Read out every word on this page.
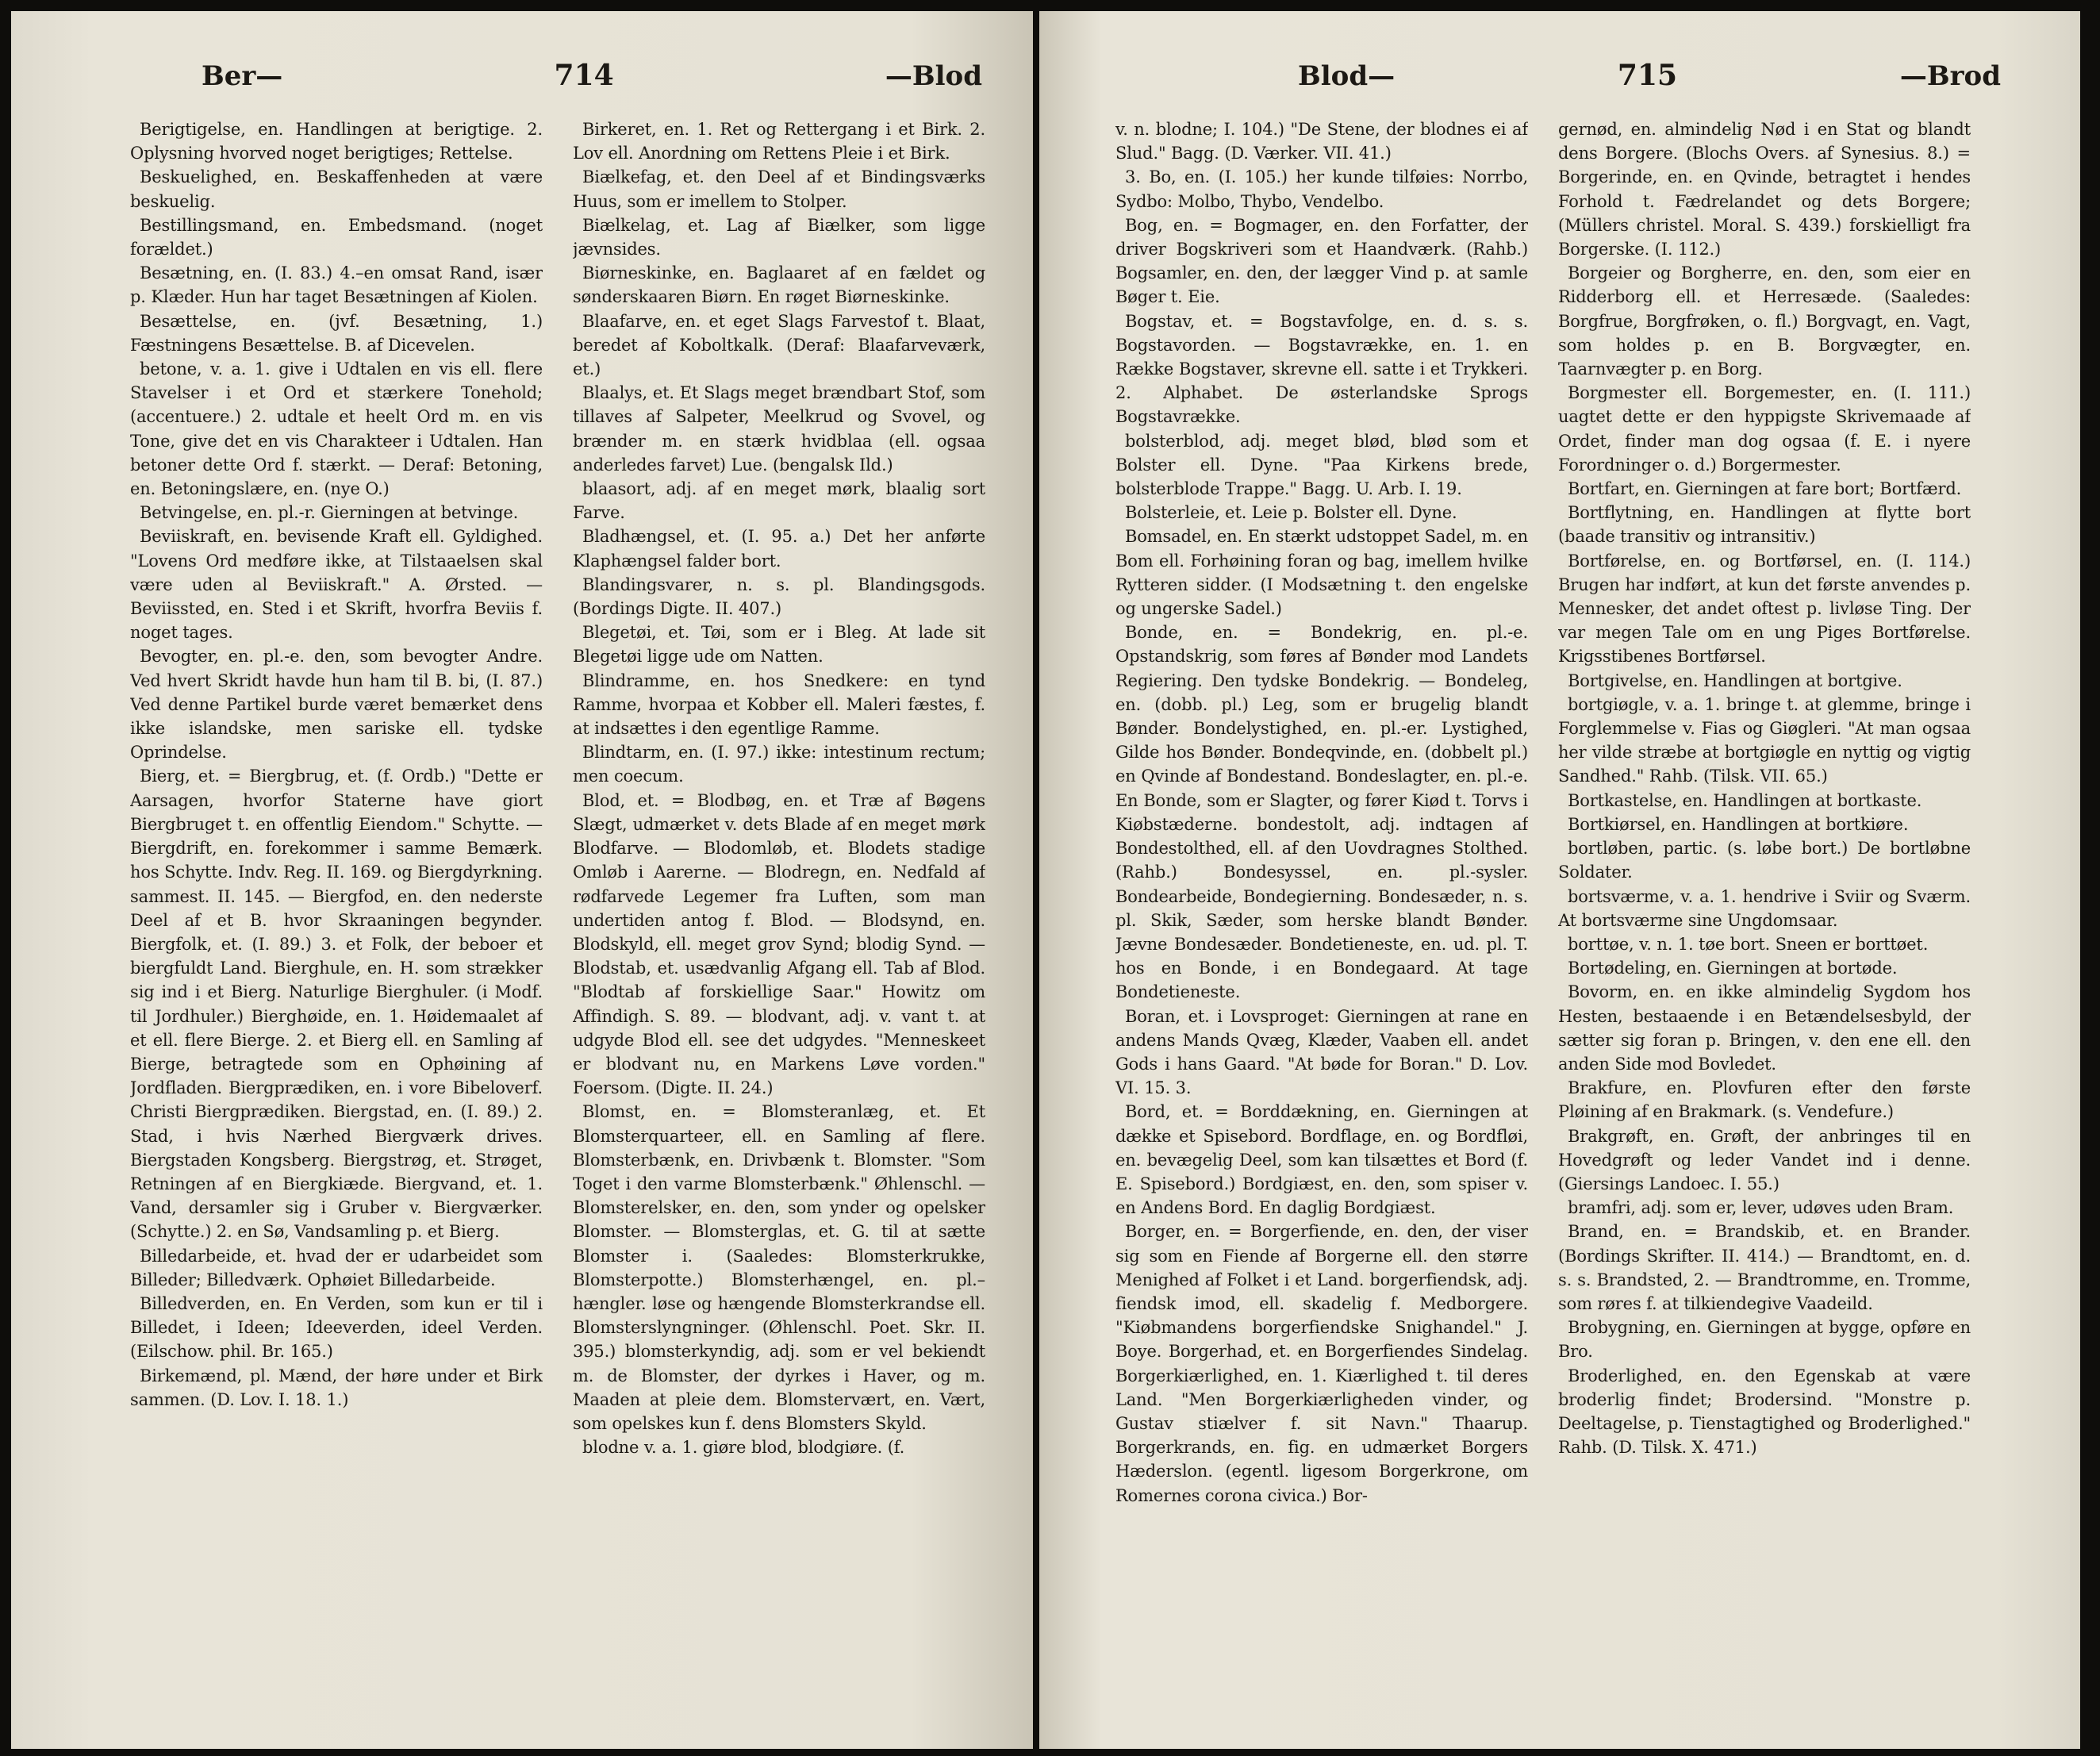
Ber—	714	—Blod

Berigtigelse, en. Handlingen at berigtige. 2. Oplysning hvorved noget berigtiges; Rettelse.

Beskuelighed, en. Beskaffenheden at være beskuelig.

Bestillingsmand, en. Embedsmand. (noget forældet.)

Besætning, en. (I. 83.) 4.–en omsat Rand, især p. Klæder. Hun har taget Besætningen af Kiolen.

Besættelse, en. (jvf. Besætning, 1.) Fæstningens Besættelse. B. af Dicevelen.

betone, v. a. 1. give i Udtalen en vis ell. flere Stavelser i et Ord et stærkere Tonehold; (accentuere.) 2. udtale et heelt Ord m. en vis Tone, give det en vis Charakteer i Udtalen. Han betoner dette Ord f. stærkt. — Deraf: Betoning, en. Betoningslære, en. (nye O.)

Betvingelse, en. pl.-r. Gierningen at betvinge.

Beviiskraft, en. bevisende Kraft ell. Gyldighed. "Lovens Ord medføre ikke, at Tilstaaelsen skal være uden al Beviiskraft." A. Ørsted. — Beviissted, en. Sted i et Skrift, hvorfra Beviis f. noget tages.

Bevogter, en. pl.-e. den, som bevogter Andre. Ved hvert Skridt havde hun ham til B. bi, (I. 87.) Ved denne Partikel burde været bemærket dens ikke islandske, men sariske ell. tydske Oprindelse.

Bierg, et. = Biergbrug, et. (f. Ordb.) "Dette er Aarsagen, hvorfor Staterne have giort Biergbruget t. en offentlig Eiendom." Schytte. — Biergdrift, en. forekommer i samme Bemærk. hos Schytte. Indv. Reg. II. 169. og Biergdyrkning. sammest. II. 145. — Biergfod, en. den nederste Deel af et B. hvor Skraaningen begynder. Biergfolk, et. (I. 89.) 3. et Folk, der beboer et biergfuldt Land. Bierghule, en. H. som strækker sig ind i et Bierg. Naturlige Bierghuler. (i Modf. til Jordhuler.) Bierghøide, en. 1. Høidemaalet af et ell. flere Bierge. 2. et Bierg ell. en Samling af Bierge, betragtede som en Ophøining af Jordfladen. Biergprædiken, en. i vore Bibeloverf. Christi Biergprædiken. Biergstad, en. (I. 89.) 2. Stad, i hvis Nærhed Biergværk drives. Biergstaden Kongsberg. Biergstrøg, et. Strøget, Retningen af en Biergkiæde. Biergvand, et. 1. Vand, dersamler sig i Gruber v. Biergværker. (Schytte.) 2. en Sø, Vandsamling p. et Bierg.

Billedarbeide, et. hvad der er udarbeidet som Billeder; Billedværk. Ophøiet Billedarbeide.

Billedverden, en. En Verden, som kun er til i Billedet, i Ideen; Ideeverden, ideel Verden. (Eilschow. phil. Br. 165.)

Birkemænd, pl. Mænd, der høre under et Birk sammen. (D. Lov. I. 18. 1.)

Birkeret, en. 1. Ret og Rettergang i et Birk. 2. Lov ell. Anordning om Rettens Pleie i et Birk.

Biælkefag, et. den Deel af et Bindingsværks Huus, som er imellem to Stolper.

Biælkelag, et. Lag af Biælker, som ligge jævnsides.

Biørneskinke, en. Baglaaret af en fældet og sønderskaaren Biørn. En røget Biørneskinke.

Blaafarve, en. et eget Slags Farvestof t. Blaat, beredet af Koboltkalk. (Deraf: Blaafarveværk, et.)

Blaalys, et. Et Slags meget brændbart Stof, som tillaves af Salpeter, Meelkrud og Svovel, og brænder m. en stærk hvidblaa (ell. ogsaa anderledes farvet) Lue. (bengalsk Ild.)

blaasort, adj. af en meget mørk, blaalig sort Farve.

Bladhængsel, et. (I. 95. a.) Det her anførte Klaphængsel falder bort.

Blandingsvarer, n. s. pl. Blandingsgods. (Bordings Digte. II. 407.)

Blegetøi, et. Tøi, som er i Bleg. At lade sit Blegetøi ligge ude om Natten.

Blindramme, en. hos Snedkere: en tynd Ramme, hvorpaa et Kobber ell. Maleri fæstes, f. at indsættes i den egentlige Ramme.

Blindtarm, en. (I. 97.) ikke: intestinum rectum; men coecum.

Blod, et. = Blodbøg, en. et Træ af Bøgens Slægt, udmærket v. dets Blade af en meget mørk Blodfarve. — Blodomløb, et. Blodets stadige Omløb i Aarerne. — Blodregn, en. Nedfald af rødfarvede Legemer fra Luften, som man undertiden antog f. Blod. — Blodsynd, en. Blodskyld, ell. meget grov Synd; blodig Synd. — Blodstab, et. usædvanlig Afgang ell. Tab af Blod. "Blodtab af forskiellige Saar." Howitz om Affindigh. S. 89. — blodvant, adj. v. vant t. at udgyde Blod ell. see det udgydes. "Menneskeet er blodvant nu, en Markens Løve vorden." Foersom. (Digte. II. 24.)

Blomst, en. = Blomsteranlæg, et. Et Blomsterquarteer, ell. en Samling af flere. Blomsterbænk, en. Drivbænk t. Blomster. "Som Toget i den varme Blomsterbænk." Øhlenschl. — Blomsterelsker, en. den, som ynder og opelsker Blomster. — Blomsterglas, et. G. til at sætte Blomster i. (Saaledes: Blomsterkrukke, Blomsterpotte.) Blomsterhængel, en. pl.–hængler. løse og hængende Blomsterkrandse ell. Blomsterslyngninger. (Øhlenschl. Poet. Skr. II. 395.) blomsterkyndig, adj. som er vel bekiendt m. de Blomster, der dyrkes i Haver, og m. Maaden at pleie dem. Blomstervært, en. Vært, som opelskes kun f. dens Blomsters Skyld.

blodne v. a. 1. giøre blod, blodgiøre. (f.

Blod—	715	—Brod

v. n. blodne; I. 104.) "De Stene, der blodnes ei af Slud." Bagg. (D. Værker. VII. 41.)

3. Bo, en. (I. 105.) her kunde tilføies: Norrbo, Sydbo: Molbo, Thybo, Vendelbo.

Bog, en. = Bogmager, en. den Forfatter, der driver Bogskriveri som et Haandværk. (Rahb.) Bogsamler, en. den, der lægger Vind p. at samle Bøger t. Eie.

Bogstav, et. = Bogstavfolge, en. d. s. s. Bogstavorden. — Bogstavrække, en. 1. en Række Bogstaver, skrevne ell. satte i et Trykkeri. 2. Alphabet. De østerlandske Sprogs Bogstavrække.

bolsterblod, adj. meget blød, blød som et Bolster ell. Dyne. "Paa Kirkens brede, bolsterblode Trappe." Bagg. U. Arb. I. 19.

Bolsterleie, et. Leie p. Bolster ell. Dyne.

Bomsadel, en. En stærkt udstoppet Sadel, m. en Bom ell. Forhøining foran og bag, imellem hvilke Rytteren sidder. (I Modsætning t. den engelske og ungerske Sadel.)

Bonde, en. = Bondekrig, en. pl.-e. Opstandskrig, som føres af Bønder mod Landets Regiering. Den tydske Bondekrig. — Bondeleg, en. (dobb. pl.) Leg, som er brugelig blandt Bønder. Bondelystighed, en. pl.-er. Lystighed, Gilde hos Bønder. Bondeqvinde, en. (dobbelt pl.) en Qvinde af Bondestand. Bondeslagter, en. pl.-e. En Bonde, som er Slagter, og fører Kiød t. Torvs i Kiøbstæderne. bondestolt, adj. indtagen af Bondestolthed, ell. af den Uovdragnes Stolthed. (Rahb.) Bondesyssel, en. pl.-sysler. Bondearbeide, Bondegierning. Bondesæder, n. s. pl. Skik, Sæder, som herske blandt Bønder. Jævne Bondesæder. Bondetieneste, en. ud. pl. T. hos en Bonde, i en Bondegaard. At tage Bondetieneste.

Boran, et. i Lovsproget: Gierningen at rane en andens Mands Qvæg, Klæder, Vaaben ell. andet Gods i hans Gaard. "At bøde for Boran." D. Lov. VI. 15. 3.

Bord, et. = Borddækning, en. Gierningen at dække et Spisebord. Bordflage, en. og Bordfløi, en. bevægelig Deel, som kan tilsættes et Bord (f. E. Spisebord.) Bordgiæst, en. den, som spiser v. en Andens Bord. En daglig Bordgiæst.

Borger, en. = Borgerfiende, en. den, der viser sig som en Fiende af Borgerne ell. den større Menighed af Folket i et Land. borgerfiendsk, adj. fiendsk imod, ell. skadelig f. Medborgere. "Kiøbmandens borgerfiendske Snighandel." J. Boye. Borgerhad, et. en Borgerfiendes Sindelag. Borgerkiærlighed, en. 1. Kiærlighed t. til deres Land. "Men Borgerkiærligheden vinder, og Gustav stiælver f. sit Navn." Thaarup. Borgerkrands, en. fig. en udmærket Borgers Hæderslon. (egentl. ligesom Borgerkrone, om Romernes corona civica.) Bor-

gernød, en. almindelig Nød i en Stat og blandt dens Borgere. (Blochs Overs. af Synesius. 8.) = Borgerinde, en. en Qvinde, betragtet i hendes Forhold t. Fædrelandet og dets Borgere; (Müllers christel. Moral. S. 439.) forskielligt fra Borgerske. (I. 112.)

Borgeier og Borgherre, en. den, som eier en Ridderborg ell. et Herresæde. (Saaledes: Borgfrue, Borgfrøken, o. fl.) Borgvagt, en. Vagt, som holdes p. en B. Borgvægter, en. Taarnvægter p. en Borg.

Borgmester ell. Borgemester, en. (I. 111.) uagtet dette er den hyppigste Skrivemaade af Ordet, finder man dog ogsaa (f. E. i nyere Forordninger o. d.) Borgermester.

Bortfart, en. Gierningen at fare bort; Bortfærd.

Bortflytning, en. Handlingen at flytte bort (baade transitiv og intransitiv.)

Bortførelse, en. og Bortførsel, en. (I. 114.) Brugen har indført, at kun det første anvendes p. Mennesker, det andet oftest p. livløse Ting. Der var megen Tale om en ung Piges Bortførelse. Krigsstibenes Bortførsel.

Bortgivelse, en. Handlingen at bortgive.

bortgiøgle, v. a. 1. bringe t. at glemme, bringe i Forglemmelse v. Fias og Giøgleri. "At man ogsaa her vilde stræbe at bortgiøgle en nyttig og vigtig Sandhed." Rahb. (Tilsk. VII. 65.)

Bortkastelse, en. Handlingen at bortkaste.

Bortkiørsel, en. Handlingen at bortkiøre.

bortløben, partic. (s. løbe bort.) De bortløbne Soldater.

bortsværme, v. a. 1. hendrive i Sviir og Sværm. At bortsværme sine Ungdomsaar.

borttøe, v. n. 1. tøe bort. Sneen er borttøet.

Bortødeling, en. Gierningen at bortøde.

Bovorm, en. en ikke almindelig Sygdom hos Hesten, bestaaende i en Betændelsesbyld, der sætter sig foran p. Bringen, v. den ene ell. den anden Side mod Bovledet.

Brakfure, en. Plovfuren efter den første Pløining af en Brakmark. (s. Vendefure.)

Brakgrøft, en. Grøft, der anbringes til en Hovedgrøft og leder Vandet ind i denne. (Giersings Landoec. I. 55.)

bramfri, adj. som er, lever, udøves uden Bram.

Brand, en. = Brandskib, et. en Brander. (Bordings Skrifter. II. 414.) — Brandtomt, en. d. s. s. Brandsted, 2. — Brandtromme, en. Tromme, som røres f. at tilkiendegive Vaadeild.

Brobygning, en. Gierningen at bygge, opføre en Bro.

Broderlighed, en. den Egenskab at være broderlig findet; Brodersind. "Monstre p. Deeltagelse, p. Tienstagtighed og Broderlighed." Rahb. (D. Tilsk. X. 471.)
